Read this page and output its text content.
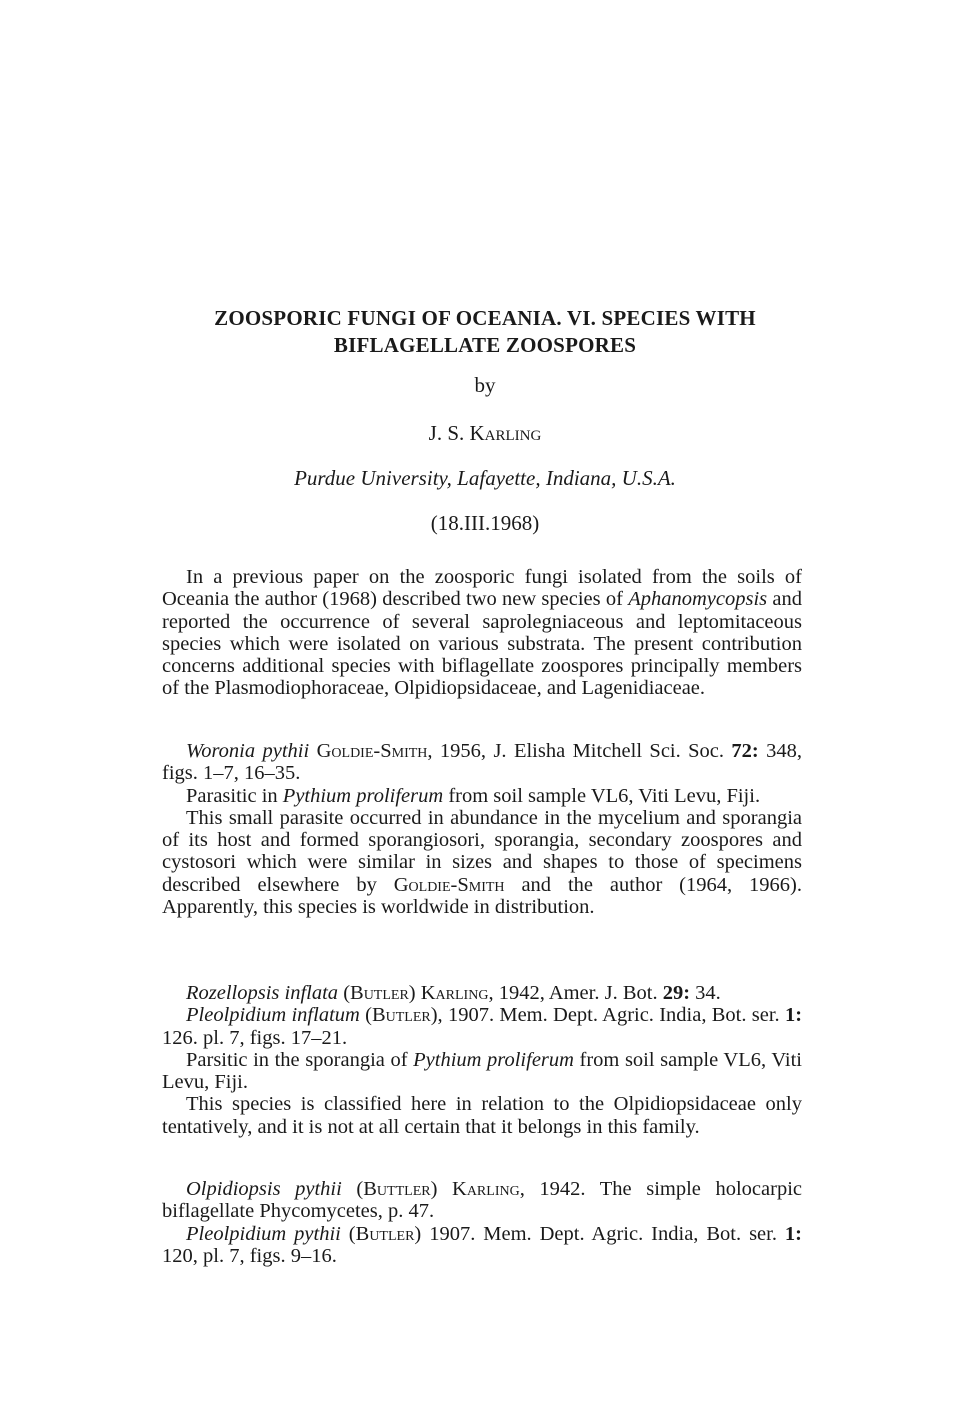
ZOOSPORIC FUNGI OF OCEANIA. VI. SPECIES WITH
BIFLAGELLATE ZOOSPORES
by
J. S. Karling
Purdue University, Lafayette, Indiana, U.S.A.
(18.III.1968)

In a previous paper on the zoosporic fungi isolated from the soils of Oceania the author (1968) described two new species of Aphanomycopsis and reported the occurrence of several saprolegniaceous and leptomitaceous species which were isolated on various substrata. The present contribution concerns additional species with biflagellate zoospores principally members of the Plasmodiophoraceae, Olpidiopsidaceae, and Lagenidiaceae.

Woronia pythii Goldie-Smith, 1956, J. Elisha Mitchell Sci. Soc. 72: 348, figs. 1–7, 16–35.

Parasitic in Pythium proliferum from soil sample VL6, Viti Levu, Fiji.

This small parasite occurred in abundance in the mycelium and sporangia of its host and formed sporangiosori, sporangia, secondary zoospores and cystosori which were similar in sizes and shapes to those of specimens described elsewhere by Goldie-Smith and the author (1964, 1966). Apparently, this species is worldwide in distribution.

Rozellopsis inflata (Butler) Karling, 1942, Amer. J. Bot. 29: 34.

Pleolpidium inflatum (Butler), 1907. Mem. Dept. Agric. India, Bot. ser. 1: 126. pl. 7, figs. 17–21.

Parsitic in the sporangia of Pythium proliferum from soil sample VL6, Viti Levu, Fiji.

This species is classified here in relation to the Olpidiopsidaceae only tentatively, and it is not at all certain that it belongs in this family.

Olpidiopsis pythii (Buttler) Karling, 1942. The simple holocarpic biflagellate Phycomycetes, p. 47.

Pleolpidium pythii (Butler) 1907. Mem. Dept. Agric. India, Bot. ser. 1: 120, pl. 7, figs. 9–16.
